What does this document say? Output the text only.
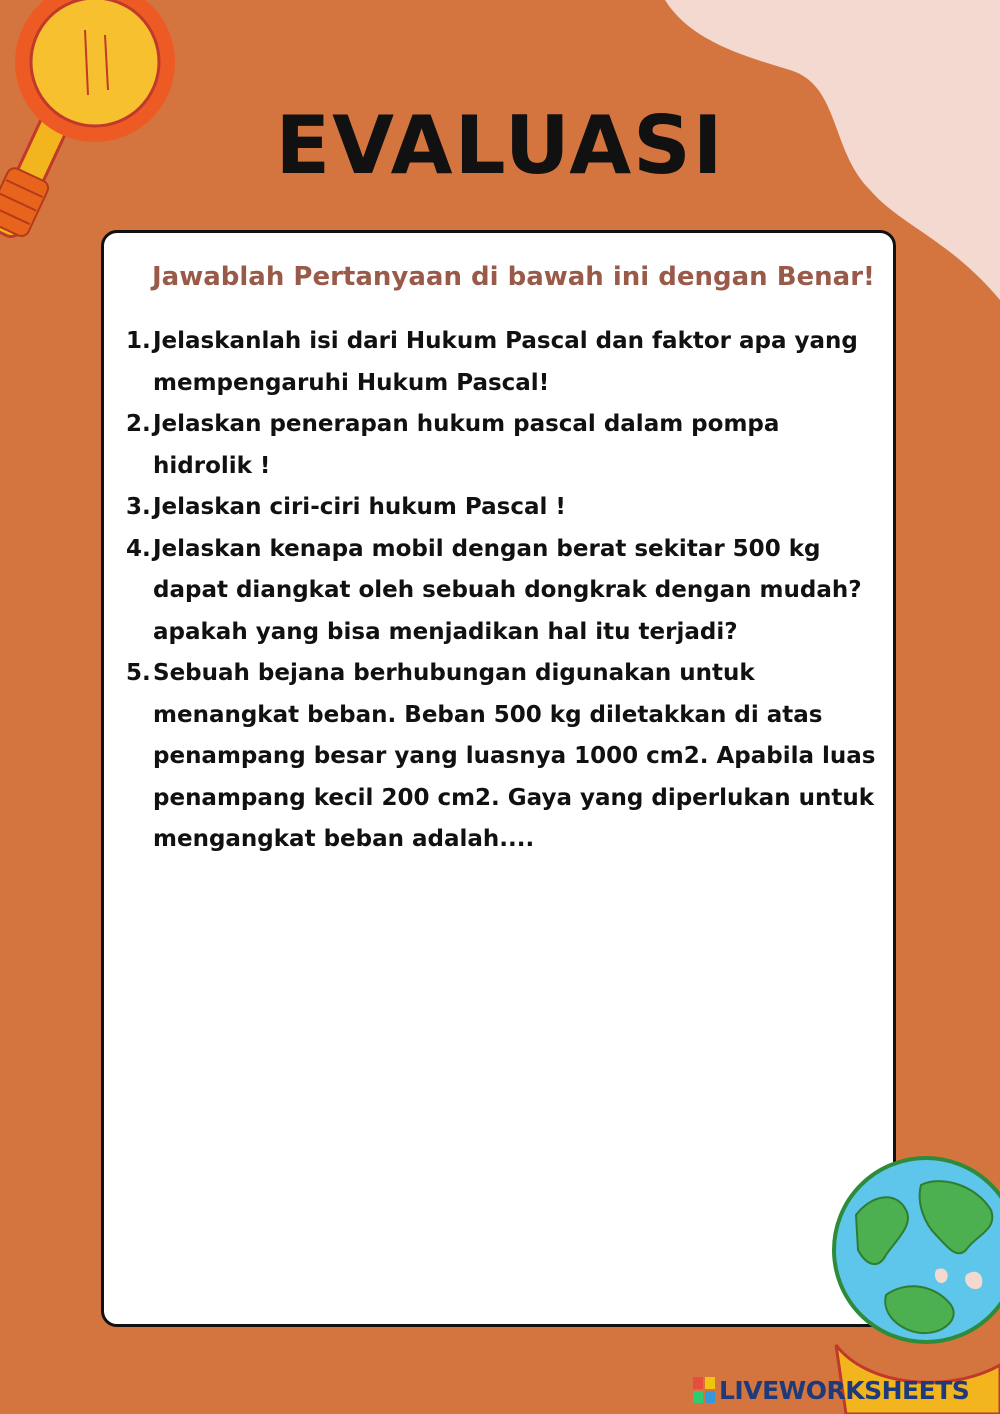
EVALUASI
Jawablah Pertanyaan di bawah ini dengan Benar!
1. Jelaskanlah isi dari Hukum Pascal dan faktor apa yang mempengaruhi Hukum Pascal!
2. Jelaskan penerapan hukum pascal dalam pompa hidrolik !
3. Jelaskan ciri-ciri hukum Pascal !
4. Jelaskan kenapa mobil dengan berat sekitar 500 kg dapat diangkat oleh sebuah dongkrak dengan mudah? apakah yang bisa menjadikan hal itu terjadi?
5. Sebuah bejana berhubungan digunakan untuk menangkat beban. Beban 500 kg diletakkan di atas penampang besar yang luasnya 1000 cm2. Apabila luas penampang kecil 200 cm2. Gaya yang diperlukan untuk mengangkat beban adalah....
LIVEWORKSHEETS
